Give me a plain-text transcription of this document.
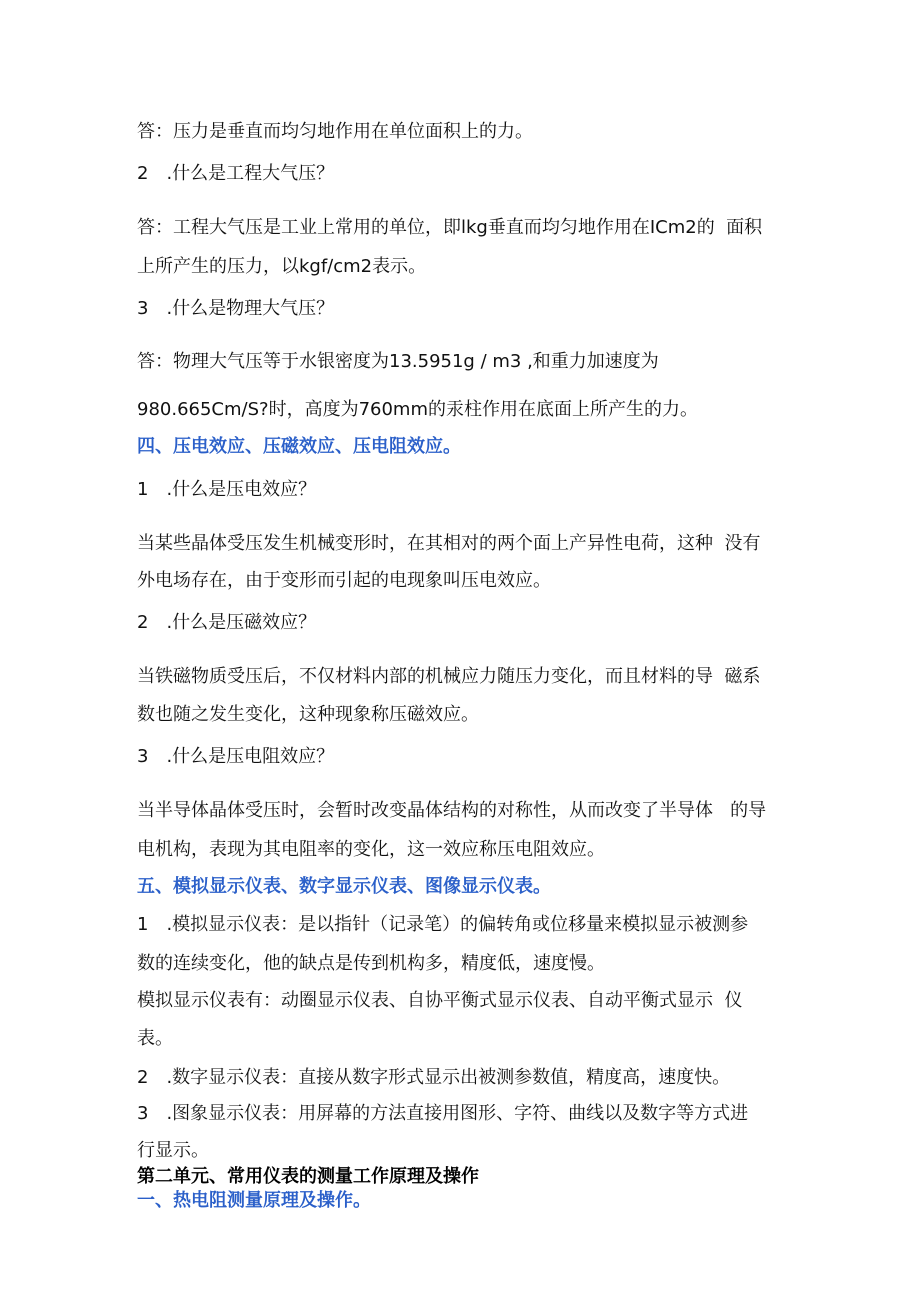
答：压力是垂直而均匀地作用在单位面积上的力。
2　.什么是工程大气压？
答：工程大气压是工业上常用的单位，即lkg垂直而均匀地作用在ICm2的  面积
上所产生的压力，以kgf∕cm2表示。
3　.什么是物理大气压？
答：物理大气压等于水银密度为13.5951g / m3 ,和重力加速度为
980.665Cm/S?时，高度为760mm的汞柱作用在底面上所产生的力。
四、压电效应、压磁效应、压电阻效应。
1　.什么是压电效应？
当某些晶体受压发生机械变形时，在其相对的两个面上产异性电荷，这种  没有
外电场存在，由于变形而引起的电现象叫压电效应。
2　.什么是压磁效应？
当铁磁物质受压后，不仅材料内部的机械应力随压力变化，而且材料的导  磁系
数也随之发生变化，这种现象称压磁效应。
3　.什么是压电阻效应？
当半导体晶体受压时，会暂时改变晶体结构的对称性，从而改变了半导体   的导
电机构，表现为其电阻率的变化，这一效应称压电阻效应。
五、模拟显示仪表、数字显示仪表、图像显示仪表。
1　.模拟显示仪表：是以指针（记录笔）的偏转角或位移量来模拟显示被测参
数的连续变化，他的缺点是传到机构多，精度低，速度慢。
模拟显示仪表有：动圈显示仪表、自协平衡式显示仪表、自动平衡式显示  仪
表。
2　.数字显示仪表：直接从数字形式显示出被测参数值，精度高，速度快。
3　.图象显示仪表：用屏幕的方法直接用图形、字符、曲线以及数字等方式进
行显示。
第二单元、常用仪表的测量工作原理及操作
一、热电阻测量原理及操作。
